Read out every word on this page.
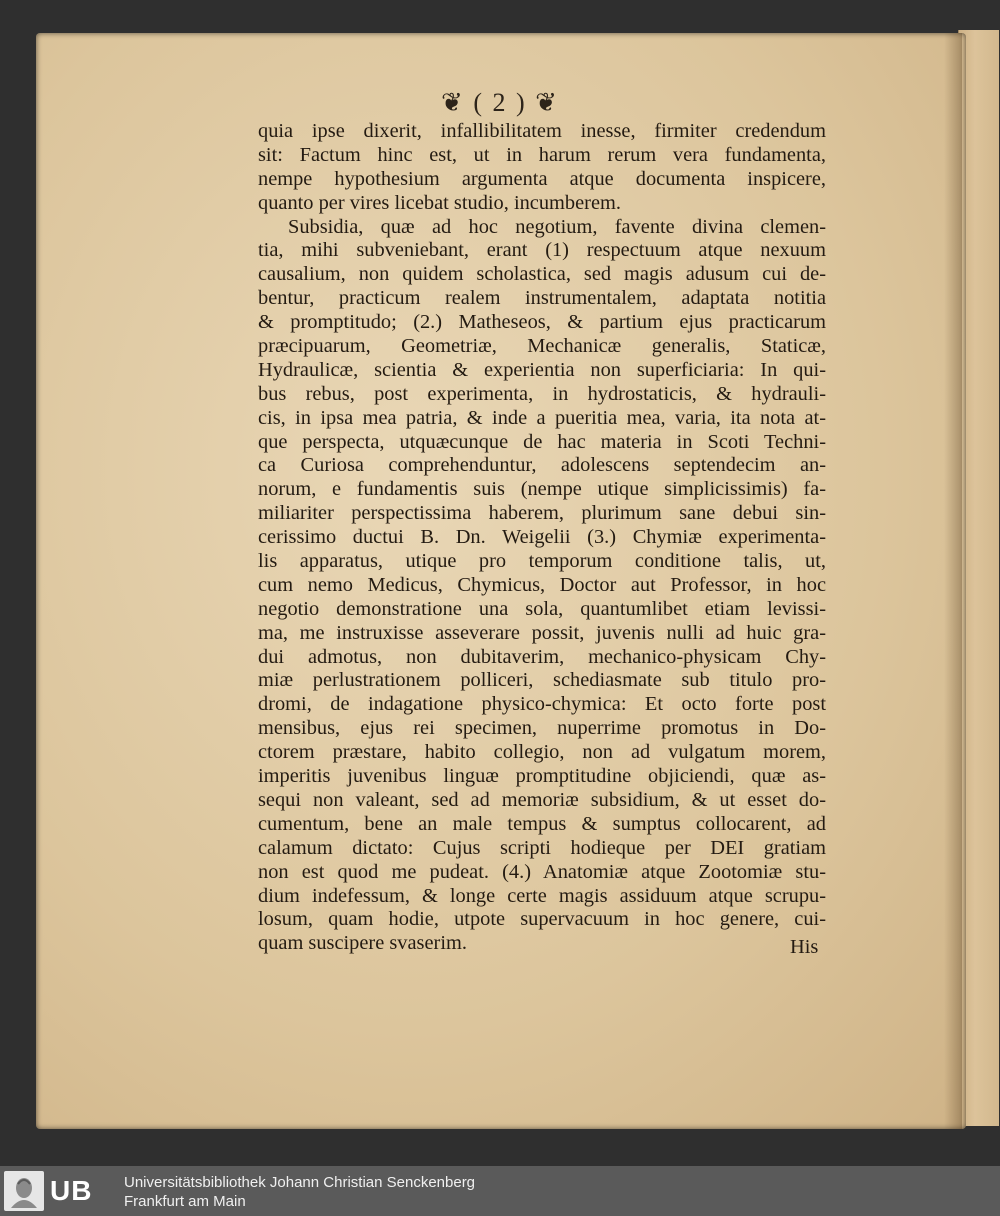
❦ ( 2 ) ❦
quia ipse dixerit, infallibilitatem inesse, firmiter credendum
sit: Factum hinc est, ut in harum rerum vera fundamenta,
nempe hypothesium argumenta atque documenta inspicere,
quanto per vires licebat studio, incumberem.
Subsidia, quæ ad hoc negotium, favente divina clemen-
tia, mihi subveniebant, erant (1) respectuum atque nexuum
causalium, non quidem scholastica, sed magis adusum cui de-
bentur, practicum realem instrumentalem, adaptata notitia
& promptitudo; (2.) Matheseos, & partium ejus practicarum
præcipuarum, Geometriæ, Mechanicæ generalis, Staticæ,
Hydraulicæ, scientia & experientia non superficiaria: In qui-
bus rebus, post experimenta, in hydrostaticis, & hydrauli-
cis, in ipsa mea patria, & inde a pueritia mea, varia, ita nota at-
que perspecta, utquæcunque de hac materia in Scoti Techni-
ca Curiosa comprehenduntur, adolescens septendecim an-
norum, e fundamentis suis (nempe utique simplicissimis) fa-
miliariter perspectissima haberem, plurimum sane debui sin-
cerissimo ductui B. Dn. Weigelii (3.) Chymiæ experimenta-
lis apparatus, utique pro temporum conditione talis, ut,
cum nemo Medicus, Chymicus, Doctor aut Professor, in hoc
negotio demonstratione una sola, quantumlibet etiam levissi-
ma, me instruxisse asseverare possit, juvenis nulli ad huic gra-
dui admotus, non dubitaverim, mechanico-physicam Chy-
miæ perlustrationem polliceri, schediasmate sub titulo pro-
dromi, de indagatione physico-chymica: Et octo forte post
mensibus, ejus rei specimen, nuperrime promotus in Do-
ctorem præstare, habito collegio, non ad vulgatum morem,
imperitis juvenibus linguæ promptitudine objiciendi, quæ as-
sequi non valeant, sed ad memoriæ subsidium, & ut esset do-
cumentum, bene an male tempus & sumptus collocarent, ad
calamum dictato: Cujus scripti hodieque per DEI gratiam
non est quod me pudeat. (4.) Anatomiæ atque Zootomiæ stu-
dium indefessum, & longe certe magis assiduum atque scrupu-
losum, quam hodie, utpote supervacuum in hoc genere, cui-
quam suscipere svaserim.	His
UB Universitätsbibliothek Johann Christian Senckenberg
Frankfurt am Main
